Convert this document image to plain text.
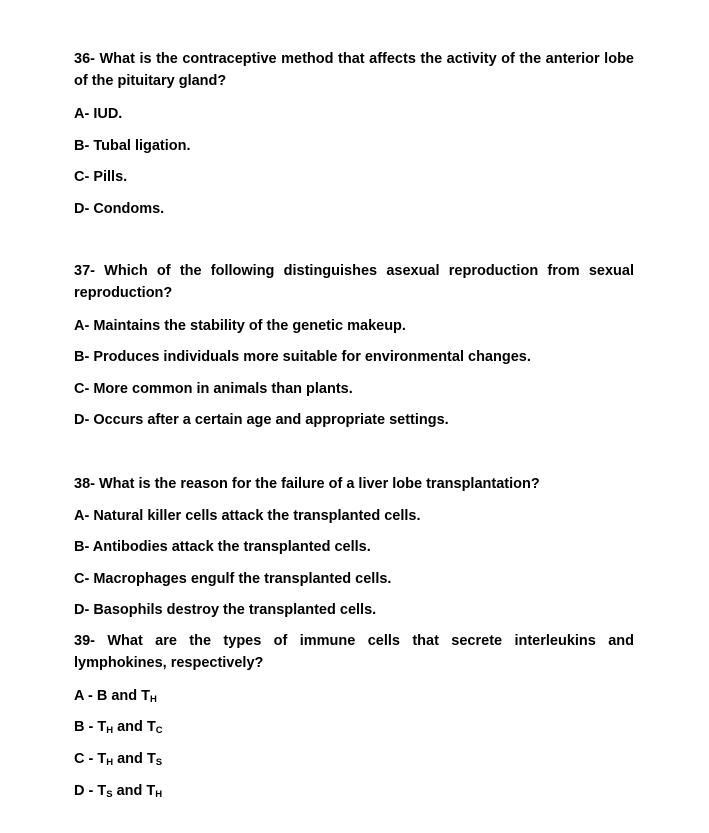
36- What is the contraceptive method that affects the activity of the anterior lobe of the pituitary gland?
A- IUD.
B- Tubal ligation.
C- Pills.
D- Condoms.
37- Which of the following distinguishes asexual reproduction from sexual reproduction?
A- Maintains the stability of the genetic makeup.
B- Produces individuals more suitable for environmental changes.
C- More common in animals than plants.
D- Occurs after a certain age and appropriate settings.
38- What is the reason for the failure of a liver lobe transplantation?
A- Natural killer cells attack the transplanted cells.
B- Antibodies attack the transplanted cells.
C- Macrophages engulf the transplanted cells.
D- Basophils destroy the transplanted cells.
39- What are the types of immune cells that secrete interleukins and lymphokines, respectively?
A - B and $T_H$
B - $T_H$ and $T_C$
C - $T_H$ and $T_S$
D - $T_S$ and $T_H$
